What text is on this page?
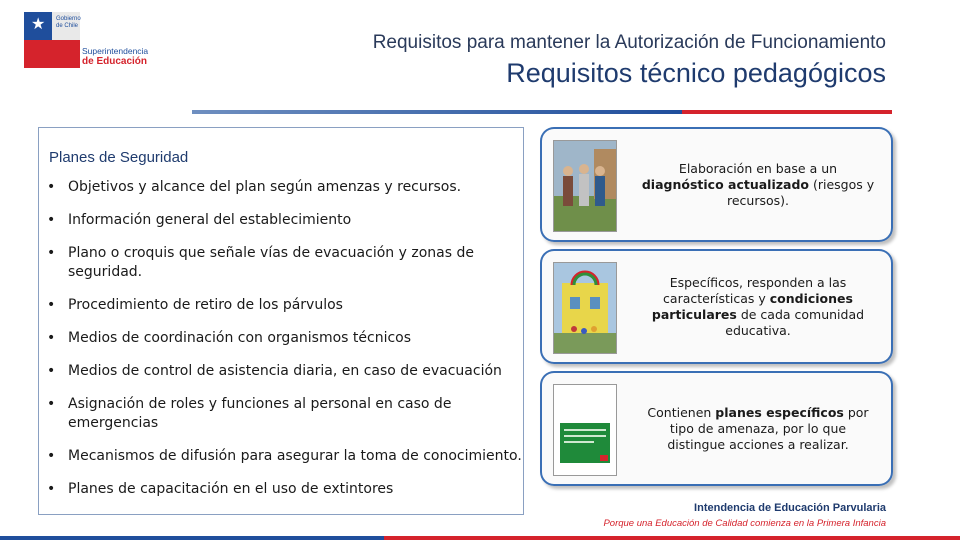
★ Gobierno de Chile
Superintendencia
de Educación
Requisitos para mantener la Autorización de Funcionamiento
Requisitos técnico pedagógicos
Planes de Seguridad
• Objetivos y alcance del plan según amenzas y recursos.
• Información general del establecimiento
• Plano o croquis que señale vías de evacuación y zonas de seguridad.
• Procedimiento de retiro de los párvulos
• Medios de coordinación con organismos técnicos
• Medios de control de asistencia diaria, en caso de evacuación
• Asignación de roles y funciones al personal en caso de emergencias
• Mecanismos de difusión para asegurar la toma de conocimiento.
• Planes de capacitación en el uso de extintores
Elaboración en base a un diagnóstico actualizado (riesgos y recursos).
Específicos, responden a las características y condiciones particulares de cada comunidad educativa.
Contienen planes específicos por tipo de amenaza, por lo que distingue acciones a realizar.
Intendencia de Educación Parvularia
Porque una Educación de Calidad comienza en la Primera Infancia
